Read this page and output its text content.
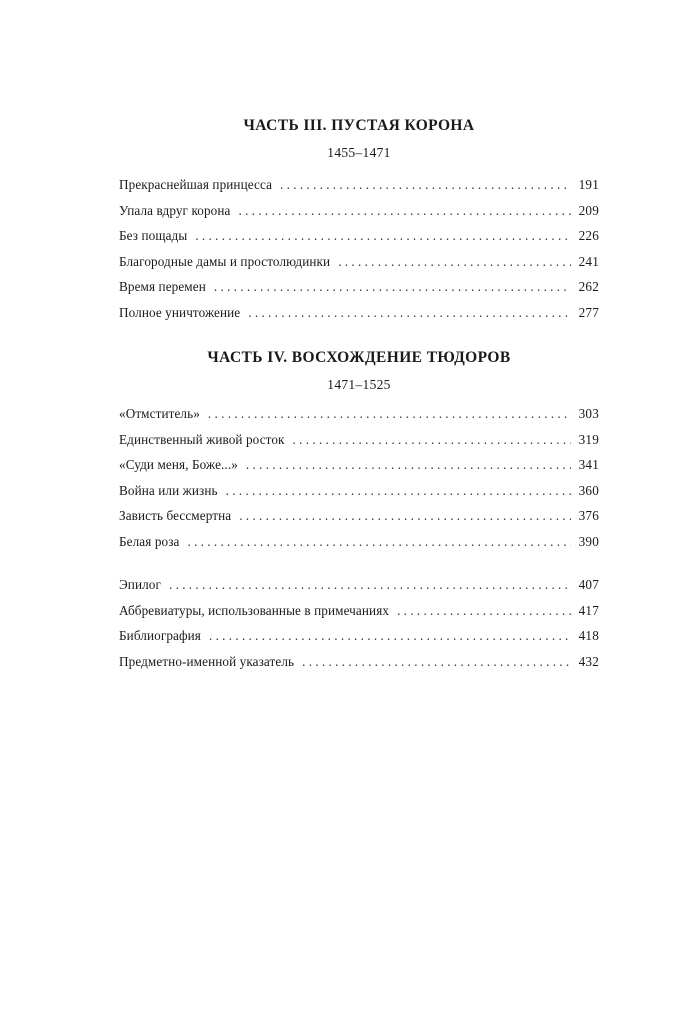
ЧАСТЬ III. ПУСТАЯ КОРОНА

1455–1471

Прекраснейшая принцесса . . .	191
Упала вдруг корона . . .	209
Без пощады . . .	226
Благородные дамы и простолюдинки . . .	241
Время перемен . . .	262
Полное уничтожение . . .	277

ЧАСТЬ IV. ВОСХОЖДЕНИЕ ТЮДОРОВ

1471–1525

«Отмститель» . . .	303
Единственный живой росток . . .	319
«Суди меня, Боже...» . . .	341
Война или жизнь . . .	360
Зависть бессмертна . . .	376
Белая роза . . .	390
Эпилог . . .	407
Аббревиатуры, использованные в примечаниях . . .	417
Библиография . . .	418
Предметно-именной указатель . . .	432
